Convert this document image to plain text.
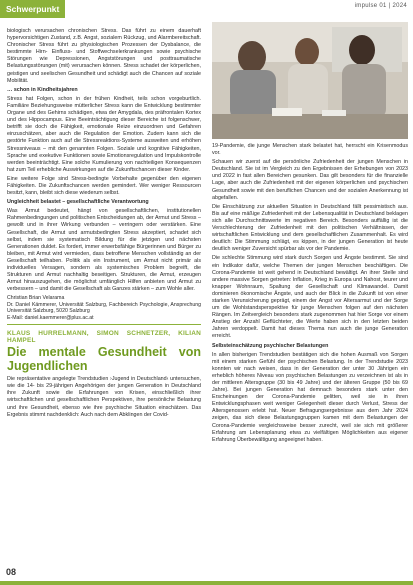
Schwerpunkt	impulse 01 | 2024

biologisch verursachen chronischen Stress. Das führt zu einem dauerhaft hypervorsichtigen Zustand, z.B. Angst, sozialem Rückzug, und Alarmbereitschaft. Chronischer Stress führt zu physiologischen Prozessen der Dysbalance, die bestimmte Hirn- Einfluss- und Stoffwechselerkrankungen sowie psychische Störungen wie Depressionen, Angststörungen und posttraumatische Belastungsstörungen (mit) verursachen können. Stress schadet der körperlichen, geistigen und seelischen Gesundheit und schädigt auch die Chancen auf soziale Mobilität.

… schon in Kindheitsjahren

Stress hat Folgen, schon in der frühen Kindheit, teils schon vorgeburtlich. Familiäre Beziehungsweise mütterlicher Stress kann die Entwicklung bestimmter Organe und des Gehirns schädigen, etwa der Amygdala, des präfrontalen Kortex und des Hippocampus. Eine Beeinträchtigung dieser Bereiche ist folgenschwer, betrifft sie doch die Fähigkeit, emotionale Reize einzuordnen und Gefahren einzuschätzen, aber auch die Regulation der Emotion. Zudem kann sich die gestörte Funktion auch auf die Stressreaktions-Systeme ausweiten und erhöhen Stressniveaus – mit den genannten Folgen. Soziale und kognitive Fähigkeiten, Sprache und exekutive Funktionen sowie Emotionsregulation und Impulskontrolle werden beeinträchtigt. Eine solche Kumulierung von nachteiligen Konsequenzen hat zum Teil erhebliche Auswirkungen auf die Zukunftschancen dieser Kinder.

Eine weitere Folge sind Stress-bedingte Vorbehalte gegenüber den eigenen Fähigkeiten. Die Zukunftschancen werden gemindert. Wer weniger Ressourcen besitzt, kann, bleibt sich diese wiederum selbst.

Ungleichheit belastet – gesellschaftliche Verantwortung

Was Armut bedeutet, hängt von gesellschaftlichen, institutionellen Rahmenbedingungen und politischen Entscheidungen ab, der Armut und Stress – gewollt und in ihrer Wirkung verbunden – verringern oder verstärken. Eine Gesellschaft, die Armut und armutsbedingten Stress akzeptiert, schadet sich selbst, indem sie systematisch Bildung für die jetzigen und nächsten Generationen duldet. Es fordert, immer erwerbsfähige Bürgerinnen und Bürger zu bleiben, mit Armut wird vermieden, dass betroffene Menschen vollständig an der Gesellschaft teilhaben. Politik als ein Instrument, um Armut nicht primär als individuelles Versagen, sondern als systemisches Problem begreift, die Strukturen und Armut nachhaltig beseitigen. Strukturen, die Armut, erzeugen Armut hinauszugehen, die möglichst umfänglich Hilfen anbieten und Armut zu verbessern – und damit die Gesellschaft als Ganzes stärken – zum Wohle aller.

Christian Brian Velarama
Dr. Daniel Kämmerer, Universität Salzburg, Fachbereich Psychologie, Ansprechung Universität Salzburg, 5020 Salzburg
E-Mail: daniel.kaemmerer@plus.ac.at
KLAUS HURRELMANN, SIMON SCHNETZER, KILIAN HAMPEL
Die mentale Gesundheit von Jugendlichen

Die repräsentative angelegte Trendstudien ›Jugend in Deutschland‹ untersuchen, wie die 14- bis 29-jährigen Angehörigen der jungen Generation in Deutschland ihre Zukunft sowie die Erfahrungen von Krisen, einschließlich ihrer wirtschaftlichen und gesellschaftlichen Perspektiven, ihre persönliche Belastung und ihre Gesundheit, ebenso wie ihre psychische Situation einschätzen. Das Ergebnis stimmt nachdenklich: Auch nach dem Abklingen der Covid-

19-Pandemie, die junge Menschen stark belastet hat, herrscht ein Krisenmodus vor.

Schauen wir zuerst auf die persönliche Zufriedenheit der jungen Menschen in Deutschland. Sie ist im Vergleich zu den Ergebnissen der Erhebungen von 2023 und 2022 in fast allen Bereichen gesunken. Das gilt besonders für die finanzielle Lage, aber auch die Zufriedenheit mit der eigenen körperlichen und psychischen Gesundheit sowie mit den beruflichen Chancen und der sozialen Anerkennung ist abgefallen.

Die Einschätzung zur aktuellen Situation in Deutschland fällt pessimistisch aus. Bis auf eine mäßige Zufriedenheit mit der Lebensqualität in Deutschland beklagen sich alle Durchschnittswerte im negativen Bereich. Besonders auffällig ist die Verschlechterung der Zufriedenheit mit den politischen Verhältnissen, der wirtschaftlichen Entwicklung und dem gesellschaftlichen Zusammenhalt. Es wird deutlich: Die Stimmung schlägt, es kippen, in der jungen Generation ist heute deutlich weniger Zuversicht spürbar als vor der Pandemie.

Die schlechte Stimmung wird stark durch Sorgen und Ängste bestimmt. Sie sind ein Indikator dafür, welche Themen der jungen Menschen beschäftigen. Die Corona-Pandemie ist weit gehend in Deutschland bewältigt. An ihrer Stelle sind andere massive Sorgen getreten: Inflation, Krieg in Europa und Nahost, teurer und knapper Wohnraum, Spaltung der Gesellschaft und Klimawandel. Damit dominieren ökonomische Ängste, und auch der Blick in die Zukunft ist von einer starken Verunsicherung geprägt, einem der Angst vor Altersarmut und der Sorge um die Wohlstandsperspektive für junge Menschen folgen auf den nächsten Rängen. Im Zeitvergleich besonders stark zugenommen hat hier Sorge vor einem Anstieg der Anzahl Geflüchteter, die Werte haben sich in den letzten beiden Jahren verdoppelt. Damit hat dieses Thema nun auch die junge Generation erreicht.

Selbsteinschätzung psychischer Belastungen

In allen bisherigen Trendstudien bestätigen sich die hohen Ausmaß von Sorgen mit einem starken Gefühl der psychischen Belastung. In der Trendstudie 2023 konnten wir nach weisen, dass in der Generation der unter 30 Jährigen ein erheblich höheres Niveau von psychischen Belastungen zu verzeichnen ist als in der mittleren Altersgruppe (30 bis 49 Jahre) und der älteren Gruppe (50 bis 69 Jahre). Bei jungen Generation hat demnach besonders stark unter den Erscheinungen der Corona-Pandemie gelitten, weil sie in ihren Entwicklungsphasen weit weniger Gelegenheit dieser durch Verlust, Stress der Altersgenossen erlebt hat. Neuer Befragungsergebnisse aus dem Jahr 2024 zeigen, das sich diese Belastungsgruppen kamen mit dem Belastungen der Corona-Pandemie vergleichsweise besser zurecht, weil sie sich mit größerer Erfahrung am Lebensplanung etwa zu vielfältigen Möglichkeiten aus eigener Erfahrung Überbewältigung angeeignet haben.

08
